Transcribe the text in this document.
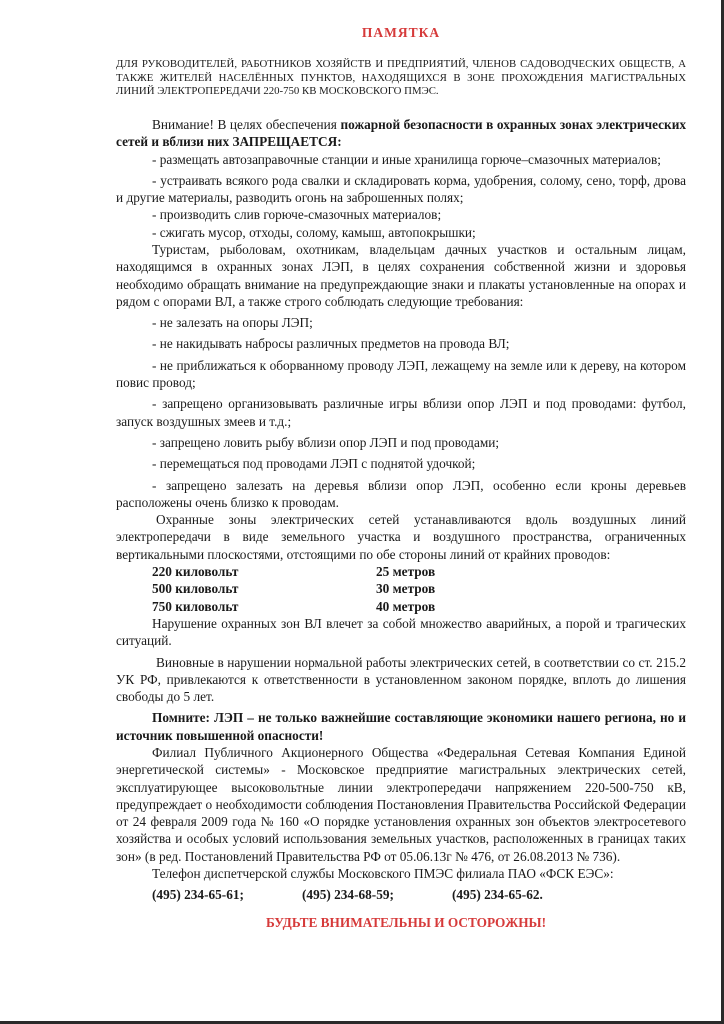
ПАМЯТКА
ДЛЯ РУКОВОДИТЕЛЕЙ, РАБОТНИКОВ ХОЗЯЙСТВ И ПРЕДПРИЯТИЙ, ЧЛЕНОВ САДОВОДЧЕСКИХ ОБЩЕСТВ, А ТАКЖЕ ЖИТЕЛЕЙ НАСЕЛЁННЫХ ПУНКТОВ, НАХОДЯЩИХСЯ В ЗОНЕ ПРОХОЖДЕНИЯ МАГИСТРАЛЬНЫХ ЛИНИЙ ЭЛЕКТРОПЕРЕДАЧИ 220-750 КВ МОСКОВСКОГО ПМЭС.

Внимание! В целях обеспечения пожарной безопасности в охранных зонах электрических сетей и вблизи них ЗАПРЕЩАЕТСЯ:

- размещать автозаправочные станции и иные хранилища горюче–смазочных материалов;

- устраивать всякого рода свалки и складировать корма, удобрения, солому, сено, торф, дрова и другие материалы, разводить огонь на заброшенных полях;

- производить слив горюче-смазочных материалов;

- сжигать мусор, отходы, солому, камыш, автопокрышки;

Туристам, рыболовам, охотникам, владельцам дачных участков и остальным лицам, находящимся в охранных зонах ЛЭП, в целях сохранения собственной жизни и здоровья необходимо обращать внимание на предупреждающие знаки и плакаты установленные на опорах и рядом с опорами ВЛ, а также строго соблюдать следующие требования:

- не залезать на опоры ЛЭП;

- не накидывать наброcы различных предметов на провода ВЛ;

- не приближаться к оборванному проводу ЛЭП, лежащему на земле или к дереву, на котором повис провод;

- запрещено организовывать различные игры вблизи опор ЛЭП и под проводами: футбол, запуск воздушных змеев и т.д.;

- запрещено ловить рыбу вблизи опор ЛЭП и под проводами;

- перемещаться под проводами ЛЭП с поднятой удочкой;

- запрещено залезать на деревья вблизи опор ЛЭП, особенно если кроны деревьев расположены очень близко к проводам.

Охранные зоны электрических сетей устанавливаются вдоль воздушных линий электропередачи в виде земельного участка и воздушного пространства, ограниченных вертикальными плоскостями, отстоящими по обе стороны линий от крайних проводов:

220 киловольт	25 метров
500 киловольт	30 метров
750 киловольт	40 метров

Нарушение охранных зон ВЛ влечет за собой множество аварийных, а порой и трагических ситуаций.

Виновные в нарушении нормальной работы электрических сетей, в соответствии со ст. 215.2 УК РФ, привлекаются к ответственности в установленном законом порядке, вплоть до лишения свободы до 5 лет.

Помните: ЛЭП – не только важнейшие составляющие экономики нашего региона, но и источник повышенной опасности!

Филиал Публичного Акционерного Общества «Федеральная Сетевая Компания Единой энергетической системы» - Московское предприятие магистральных электрических сетей, эксплуатирующее высоковольтные линии электропередачи напряжением 220-500-750 кВ, предупреждает о необходимости соблюдения Постановления Правительства Российской Федерации от 24 февраля 2009 года № 160 «О порядке установления охранных зон объектов электросетевого хозяйства и особых условий использования земельных участков, расположенных в границах таких зон» (в ред. Постановлений Правительства РФ от 05.06.13г № 476, от 26.08.2013 № 736).

Телефон диспетчерской службы Московского ПМЭС филиала ПАО «ФСК ЕЭС»:

(495) 234-65-61;	(495) 234-68-59;	(495) 234-65-62.
БУДЬТЕ ВНИМАТЕЛЬНЫ И ОСТОРОЖНЫ!
